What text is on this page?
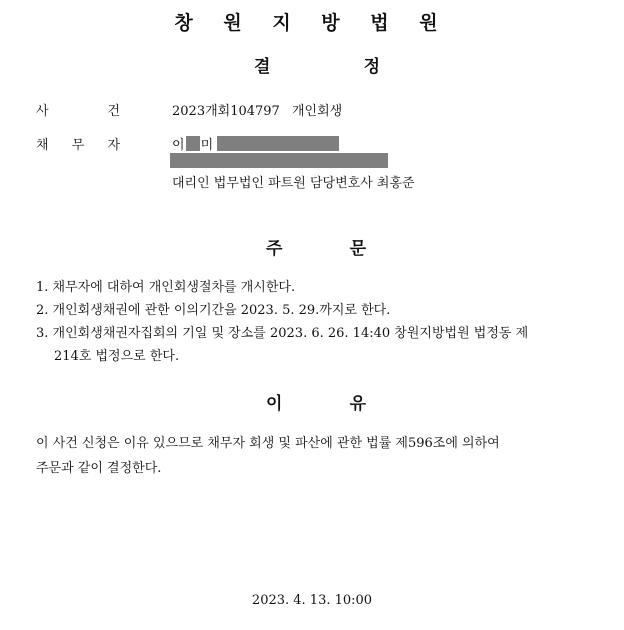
창 원 지 방 법 원
결	정
사	건	2023개회104797 개인회생
채 무 자	이 미
대리인 법무법인 파트원 담당변호사 최홍준
주	문
1. 채무자에 대하여 개인회생절차를 개시한다.
2. 개인회생채권에 관한 이의기간을 2023. 5. 29.까지로 한다.
3. 개인회생채권자집회의 기일 및 장소를 2023. 6. 26. 14:40 창원지방법원 법정동 제
214호 법정으로 한다.
이	유
이 사건 신청은 이유 있으므로 채무자 회생 및 파산에 관한 법률 제596조에 의하여
주문과 같이 결정한다.
2023. 4. 13. 10:00
